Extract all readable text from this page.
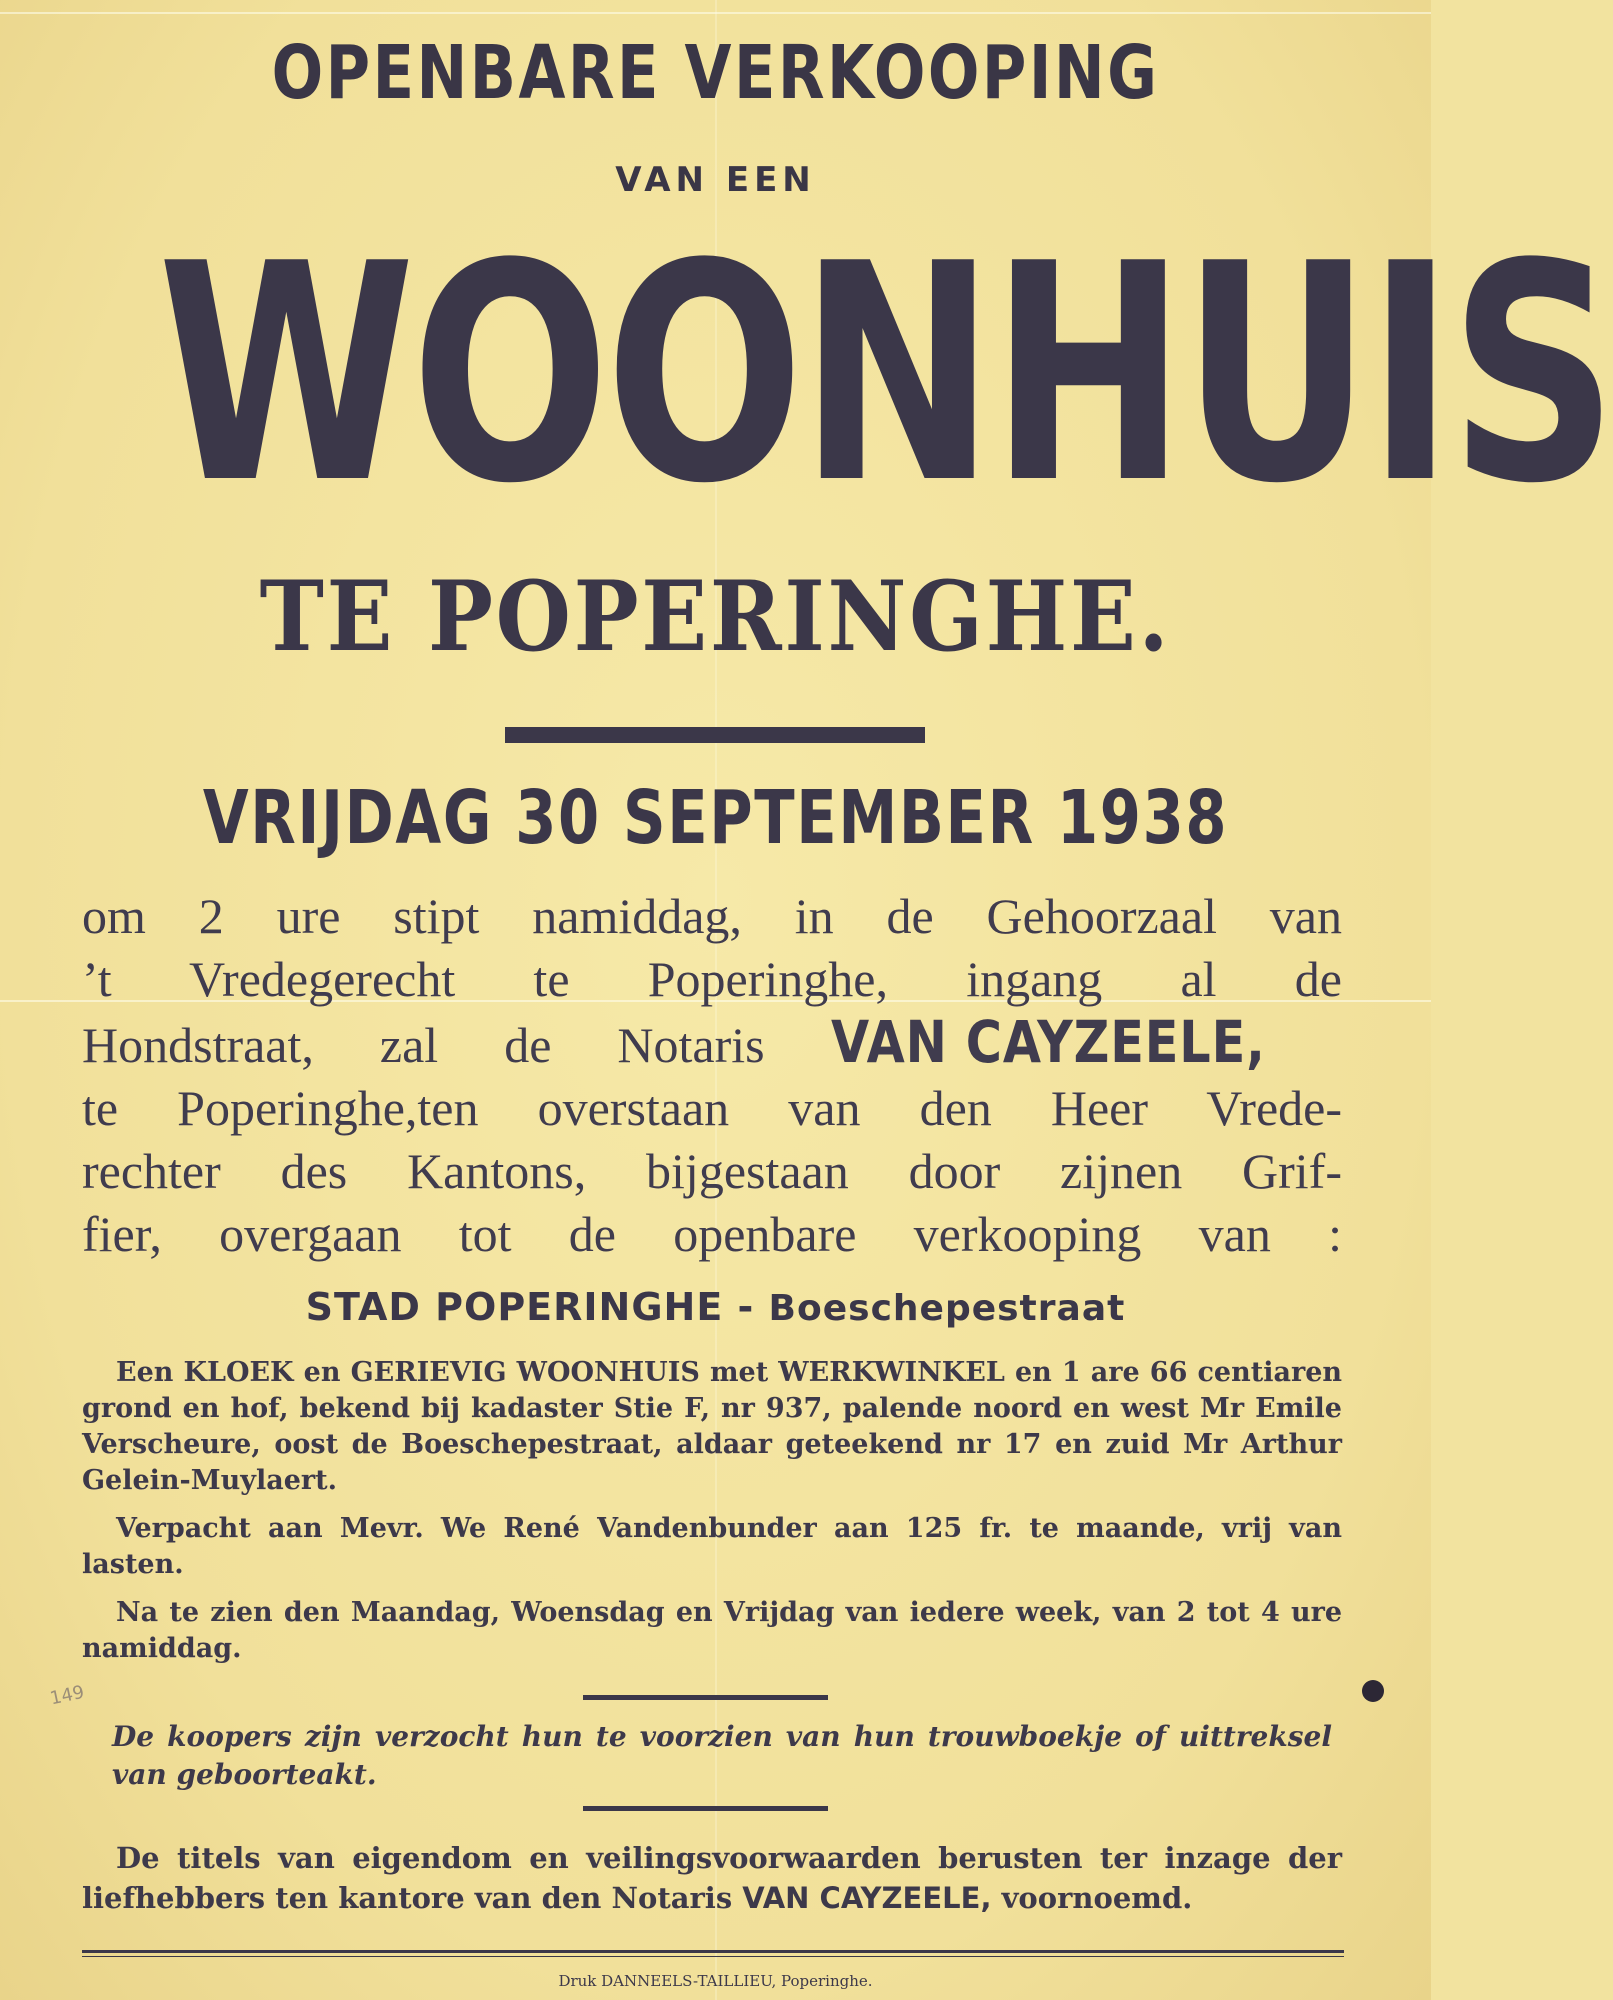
OPENBARE VERKOOPING
VAN EEN
WOONHUIS
TE POPERINGHE.
VRIJDAG 30 SEPTEMBER 1938
om 2 ure stipt namiddag, in de Gehoorzaal van
’t Vredegerecht te Poperinghe, ingang al de
Hondstraat, zal de Notaris VAN CAYZEELE,
te Poperinghe,ten overstaan van den Heer Vrede-
rechter des Kantons, bijgestaan door zijnen Grif-
fier, overgaan tot de openbare verkooping van :
STAD POPERINGHE - Boeschepestraat

Een KLOEK en GERIEVIG WOONHUIS met WERKWINKEL en 1 are 66 centiaren grond en hof, bekend bij kadaster Stie F, nr 937, palende noord en west Mr Emile Verscheure, oost de Boeschepestraat, aldaar geteekend nr 17 en zuid Mr Arthur Gelein-Muylaert.

Verpacht aan Mevr. We René Vandenbunder aan 125 fr. te maande, vrij van lasten.

Na te zien den Maandag, Woensdag en Vrijdag van iedere week, van 2 tot 4 ure namiddag.

149
De koopers zijn verzocht hun te voorzien van hun trouwboekje of uittreksel van geboorteakt.
De titels van eigendom en veilingsvoorwaarden berusten ter inzage der liefhebbers ten kantore van den Notaris VAN CAYZEELE, voornoemd.
Druk DANNEELS-TAILLIEU, Poperinghe.
